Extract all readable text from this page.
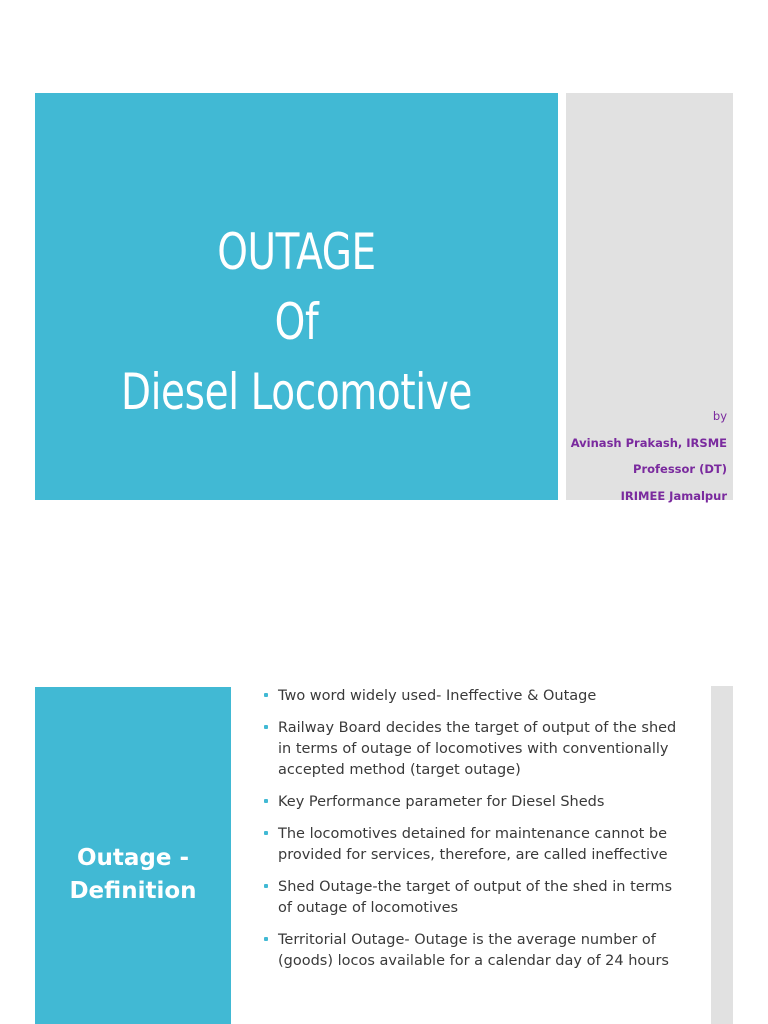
OUTAGE
Of
Diesel Locomotive	by
Avinash Prakash, IRSME
Professor (DT)
IRIMEE Jamalpur
Outage -
Definition
Two word widely used- Ineffective & Outage
Railway Board decides the target of output of the shed in terms of outage of locomotives with conventionally accepted method (target outage)
Key Performance parameter for Diesel Sheds
The locomotives detained for maintenance cannot be provided for services, therefore, are called ineffective
Shed Outage-the target of output of the shed in terms of outage of locomotives
Territorial Outage- Outage is the average number of (goods) locos available for a calendar day of 24 hours
